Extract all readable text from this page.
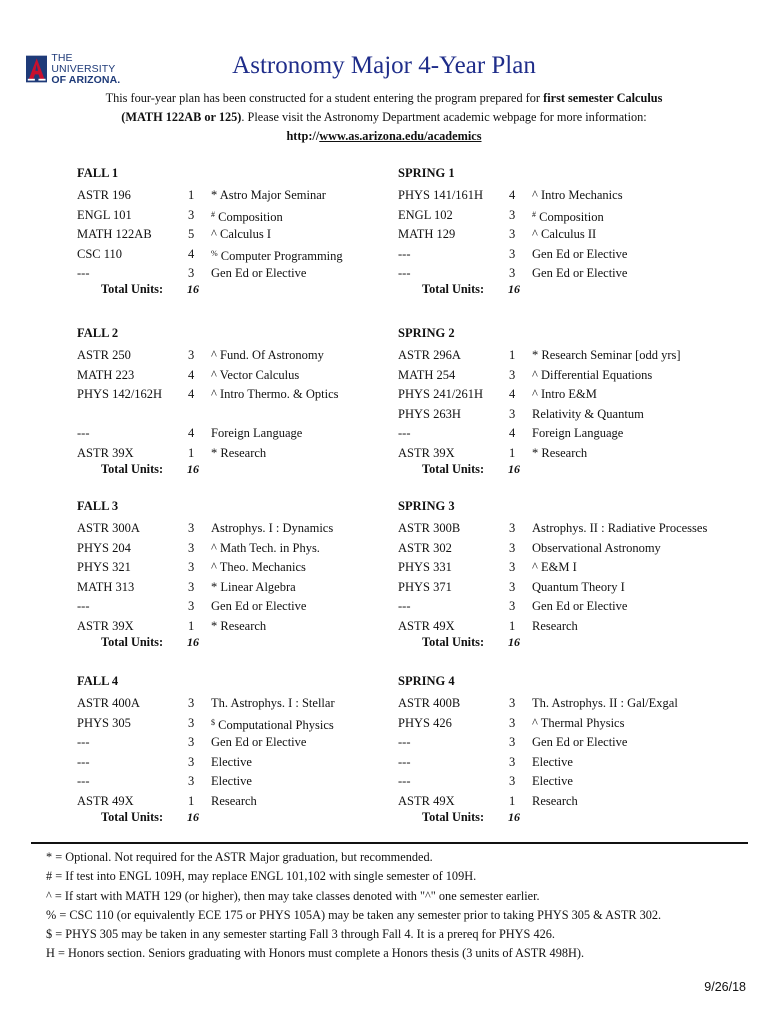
THE UNIVERSITY
OF ARIZONA.
Astronomy Major 4-Year Plan
This four-year plan has been constructed for a student entering the program prepared for first semester Calculus
(MATH 122AB or 125). Please visit the Astronomy Department academic webpage for more information:
http://www.as.arizona.edu/academics
FALL 1
ASTR 196	1 * Astro Major Seminar
ENGL 101	3 # Composition
MATH 122AB	5 ^ Calculus I
CSC 110	4 % Computer Programming
---	3 Gen Ed or Elective
Total Units: 16
SPRING 1
PHYS 141/161H 4 ^ Intro Mechanics
ENGL 102	3 # Composition
MATH 129	3 ^ Calculus II
---	3 Gen Ed or Elective
---	3 Gen Ed or Elective
Total Units: 16
FALL 2
ASTR 250	3 ^ Fund. Of Astronomy
MATH 223	4 ^ Vector Calculus
PHYS 142/162H 4 ^ Intro Thermo. & Optics
---	4 Foreign Language
ASTR 39X	1 * Research
Total Units: 16
SPRING 2
ASTR 296A	1 * Research Seminar [odd yrs]
MATH 254	3 ^ Differential Equations
PHYS 241/261H 4 ^ Intro E&M
PHYS 263H	3 Relativity & Quantum
---	4 Foreign Language
ASTR 39X	1 * Research
Total Units: 16
FALL 3
ASTR 300A	3 Astrophys. I : Dynamics
PHYS 204	3 ^ Math Tech. in Phys.
PHYS 321	3 ^ Theo. Mechanics
MATH 313	3 * Linear Algebra
---	3 Gen Ed or Elective
ASTR 39X	1 * Research
Total Units: 16
SPRING 3
ASTR 300B	3 Astrophys. II : Radiative Processes
ASTR 302	3 Observational Astronomy
PHYS 331	3 ^ E&M I
PHYS 371	3 Quantum Theory I
---	3 Gen Ed or Elective
ASTR 49X	1 Research
Total Units: 16
FALL 4
ASTR 400A	3 Th. Astrophys. I : Stellar
PHYS 305	3 $ Computational Physics
---	3 Gen Ed or Elective
---	3 Elective
---	3 Elective
ASTR 49X	1 Research
Total Units: 16
SPRING 4
ASTR 400B	3 Th. Astrophys. II : Gal/Exgal
PHYS 426	3 ^ Thermal Physics
---	3 Gen Ed or Elective
---	3 Elective
---	3 Elective
ASTR 49X	1 Research
Total Units: 16
* = Optional. Not required for the ASTR Major graduation, but recommended.
# = If test into ENGL 109H, may replace ENGL 101,102 with single semester of 109H.
^ = If start with MATH 129 (or higher), then may take classes denoted with "^" one semester earlier.
% = CSC 110 (or equivalently ECE 175 or PHYS 105A) may be taken any semester prior to taking PHYS 305 & ASTR 302.
$ = PHYS 305 may be taken in any semester starting Fall 3 through Fall 4. It is a prereq for PHYS 426.
H = Honors section. Seniors graduating with Honors must complete a Honors thesis (3 units of ASTR 498H).
9/26/18
